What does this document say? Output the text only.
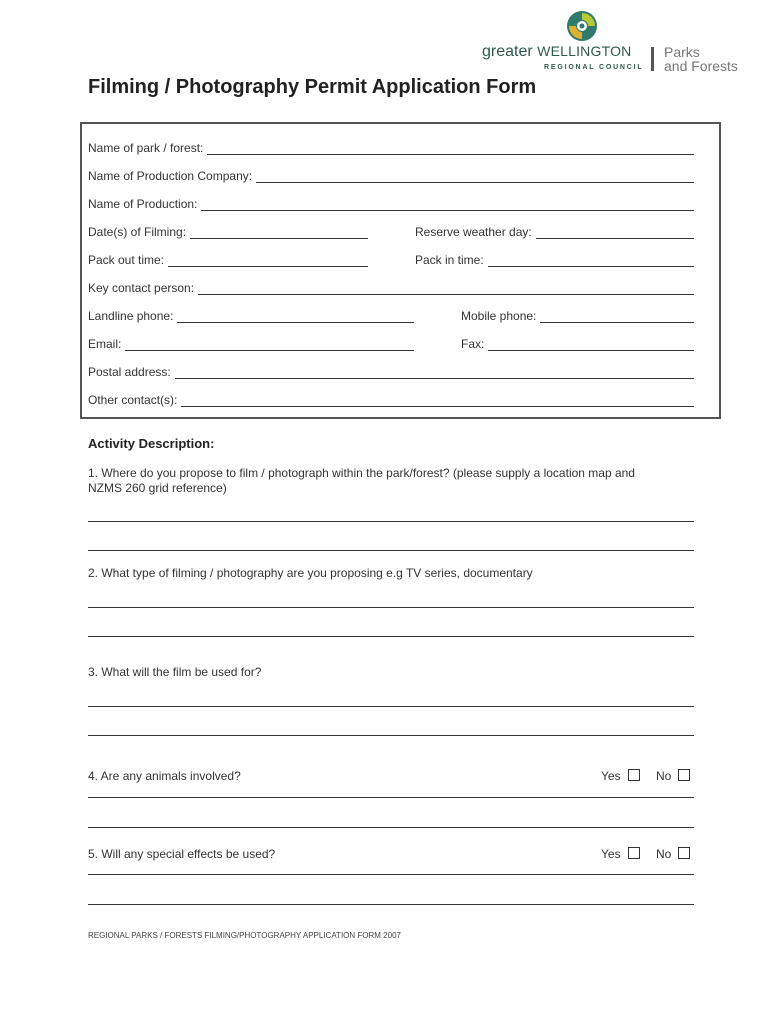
greater WELLINGTON
REGIONAL COUNCIL
Parks
and Forests
Filming / Photography Permit Application Form
Name of park / forest:
Name of Production Company:
Name of Production:
Date(s) of Filming:	Reserve weather day:
Pack out time:	Pack in time:
Key contact person:
Landline phone:	Mobile phone:
Email:	Fax:
Postal address:
Other contact(s):
Activity Description:
1. Where do you propose to film / photograph within the park/forest? (please supply a location map and
NZMS 260 grid reference)
2. What type of filming / photography are you proposing e.g TV series, documentary
3. What will the film be used for?
4. Are any animals involved?	Yes	No
5. Will any special effects be used?	Yes	No
REGIONAL PARKS / FORESTS FILMING/PHOTOGRAPHY APPLICATION FORM 2007
